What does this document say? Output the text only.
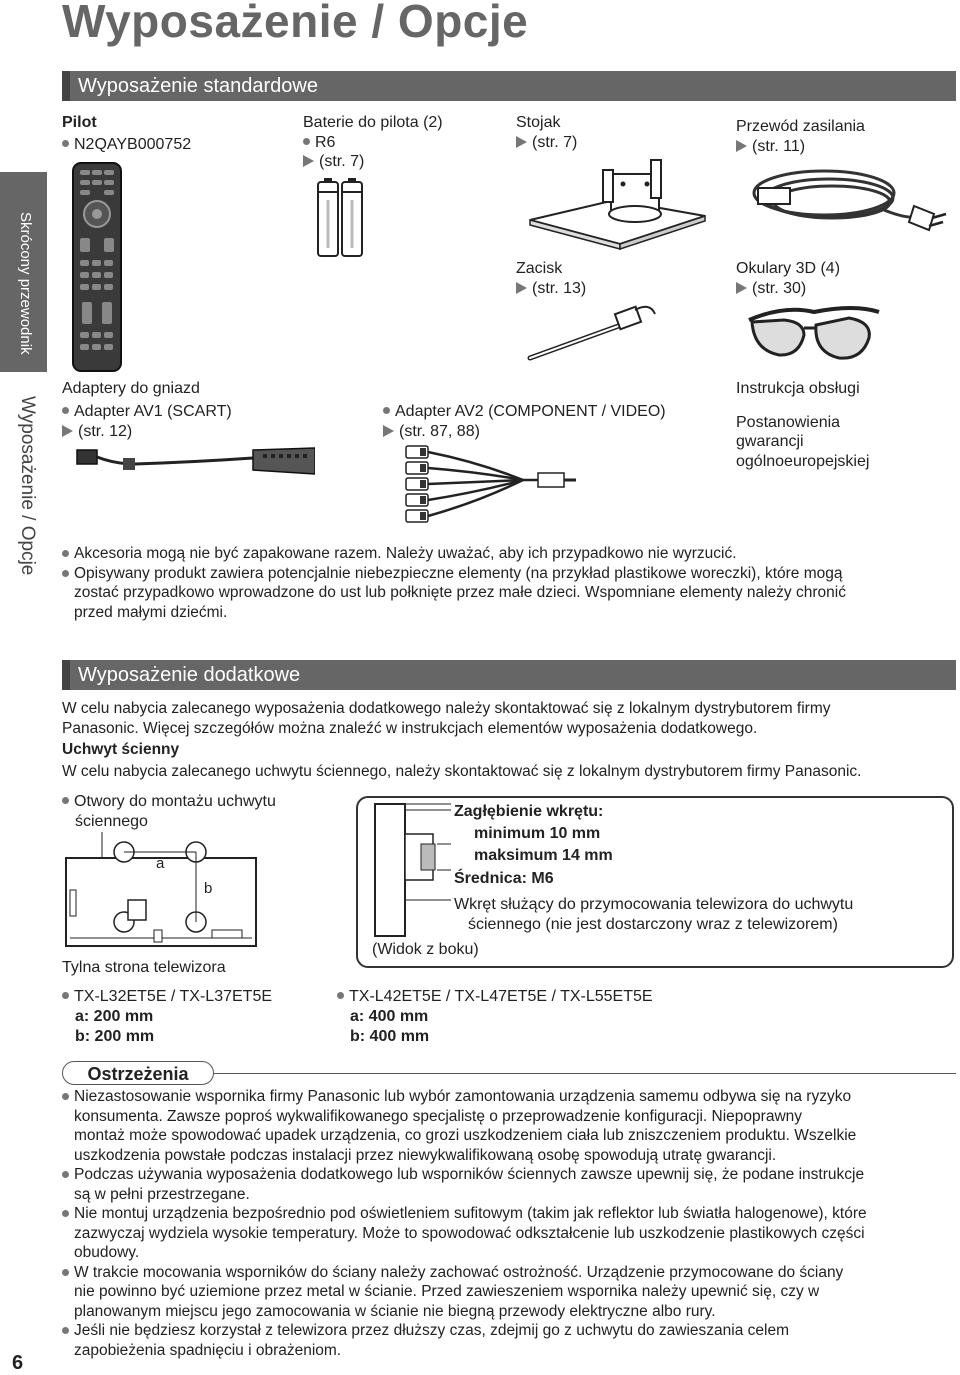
Wyposażenie / Opcje
Skrócony przewodnik
Wyposażenie / Opcje
Wyposażenie standardowe
Pilot
N2QAYB000752
Baterie do pilota (2)
R6
(str. 7)
Stojak
(str. 7)
Przewód zasilania
(str. 11)
Zacisk
(str. 13)
Okulary 3D (4)
(str. 30)
Adaptery do gniazd
Adapter AV1 (SCART)
(str. 12)
Adapter AV2 (COMPONENT / VIDEO)
(str. 87, 88)
Instrukcja obsługi
Postanowienia
gwarancji
ogólnoeuropejskiej
Akcesoria mogą nie być zapakowane razem. Należy uważać, aby ich przypadkowo nie wyrzucić.
Opisywany produkt zawiera potencjalnie niebezpieczne elementy (na przykład plastikowe woreczki), które mogą
zostać przypadkowo wprowadzone do ust lub połknięte przez małe dzieci. Wspomniane elementy należy chronić
przed małymi dziećmi.
Wyposażenie dodatkowe
W celu nabycia zalecanego wyposażenia dodatkowego należy skontaktować się z lokalnym dystrybutorem firmy
Panasonic. Więcej szczegółów można znaleźć w instrukcjach elementów wyposażenia dodatkowego.
Uchwyt ścienny
W celu nabycia zalecanego uchwytu ściennego, należy skontaktować się z lokalnym dystrybutorem firmy Panasonic.
Otwory do montażu uchwytu
ściennego
a
b
Tylna strona telewizora
Zagłębienie wkrętu:
minimum 10 mm
maksimum 14 mm
Średnica: M6
Wkręt służący do przymocowania telewizora do uchwytu
ściennego (nie jest dostarczony wraz z telewizorem)
(Widok z boku)
TX-L32ET5E / TX-L37ET5E
a: 200 mm
b: 200 mm
TX-L42ET5E / TX-L47ET5E / TX-L55ET5E
a: 400 mm
b: 400 mm
Ostrzeżenia
Niezastosowanie wspornika firmy Panasonic lub wybór zamontowania urządzenia samemu odbywa się na ryzyko
konsumenta. Zawsze poproś wykwalifikowanego specjalistę o przeprowadzenie konfiguracji. Niepoprawny
montaż może spowodować upadek urządzenia, co grozi uszkodzeniem ciała lub zniszczeniem produktu. Wszelkie
uszkodzenia powstałe podczas instalacji przez niewykwalifikowaną osobę spowodują utratę gwarancji.
Podczas używania wyposażenia dodatkowego lub wsporników ściennych zawsze upewnij się, że podane instrukcje
są w pełni przestrzegane.
Nie montuj urządzenia bezpośrednio pod oświetleniem sufitowym (takim jak reflektor lub światła halogenowe), które
zazwyczaj wydziela wysokie temperatury. Może to spowodować odkształcenie lub uszkodzenie plastikowych części
obudowy.
W trakcie mocowania wsporników do ściany należy zachować ostrożność. Urządzenie przymocowane do ściany
nie powinno być uziemione przez metal w ścianie. Przed zawieszeniem wspornika należy upewnić się, czy w
planowanym miejscu jego zamocowania w ścianie nie biegną przewody elektryczne albo rury.
Jeśli nie będziesz korzystał z telewizora przez dłuższy czas, zdejmij go z uchwytu do zawieszania celem
zapobieżenia spadnięciu i obrażeniom.
6
